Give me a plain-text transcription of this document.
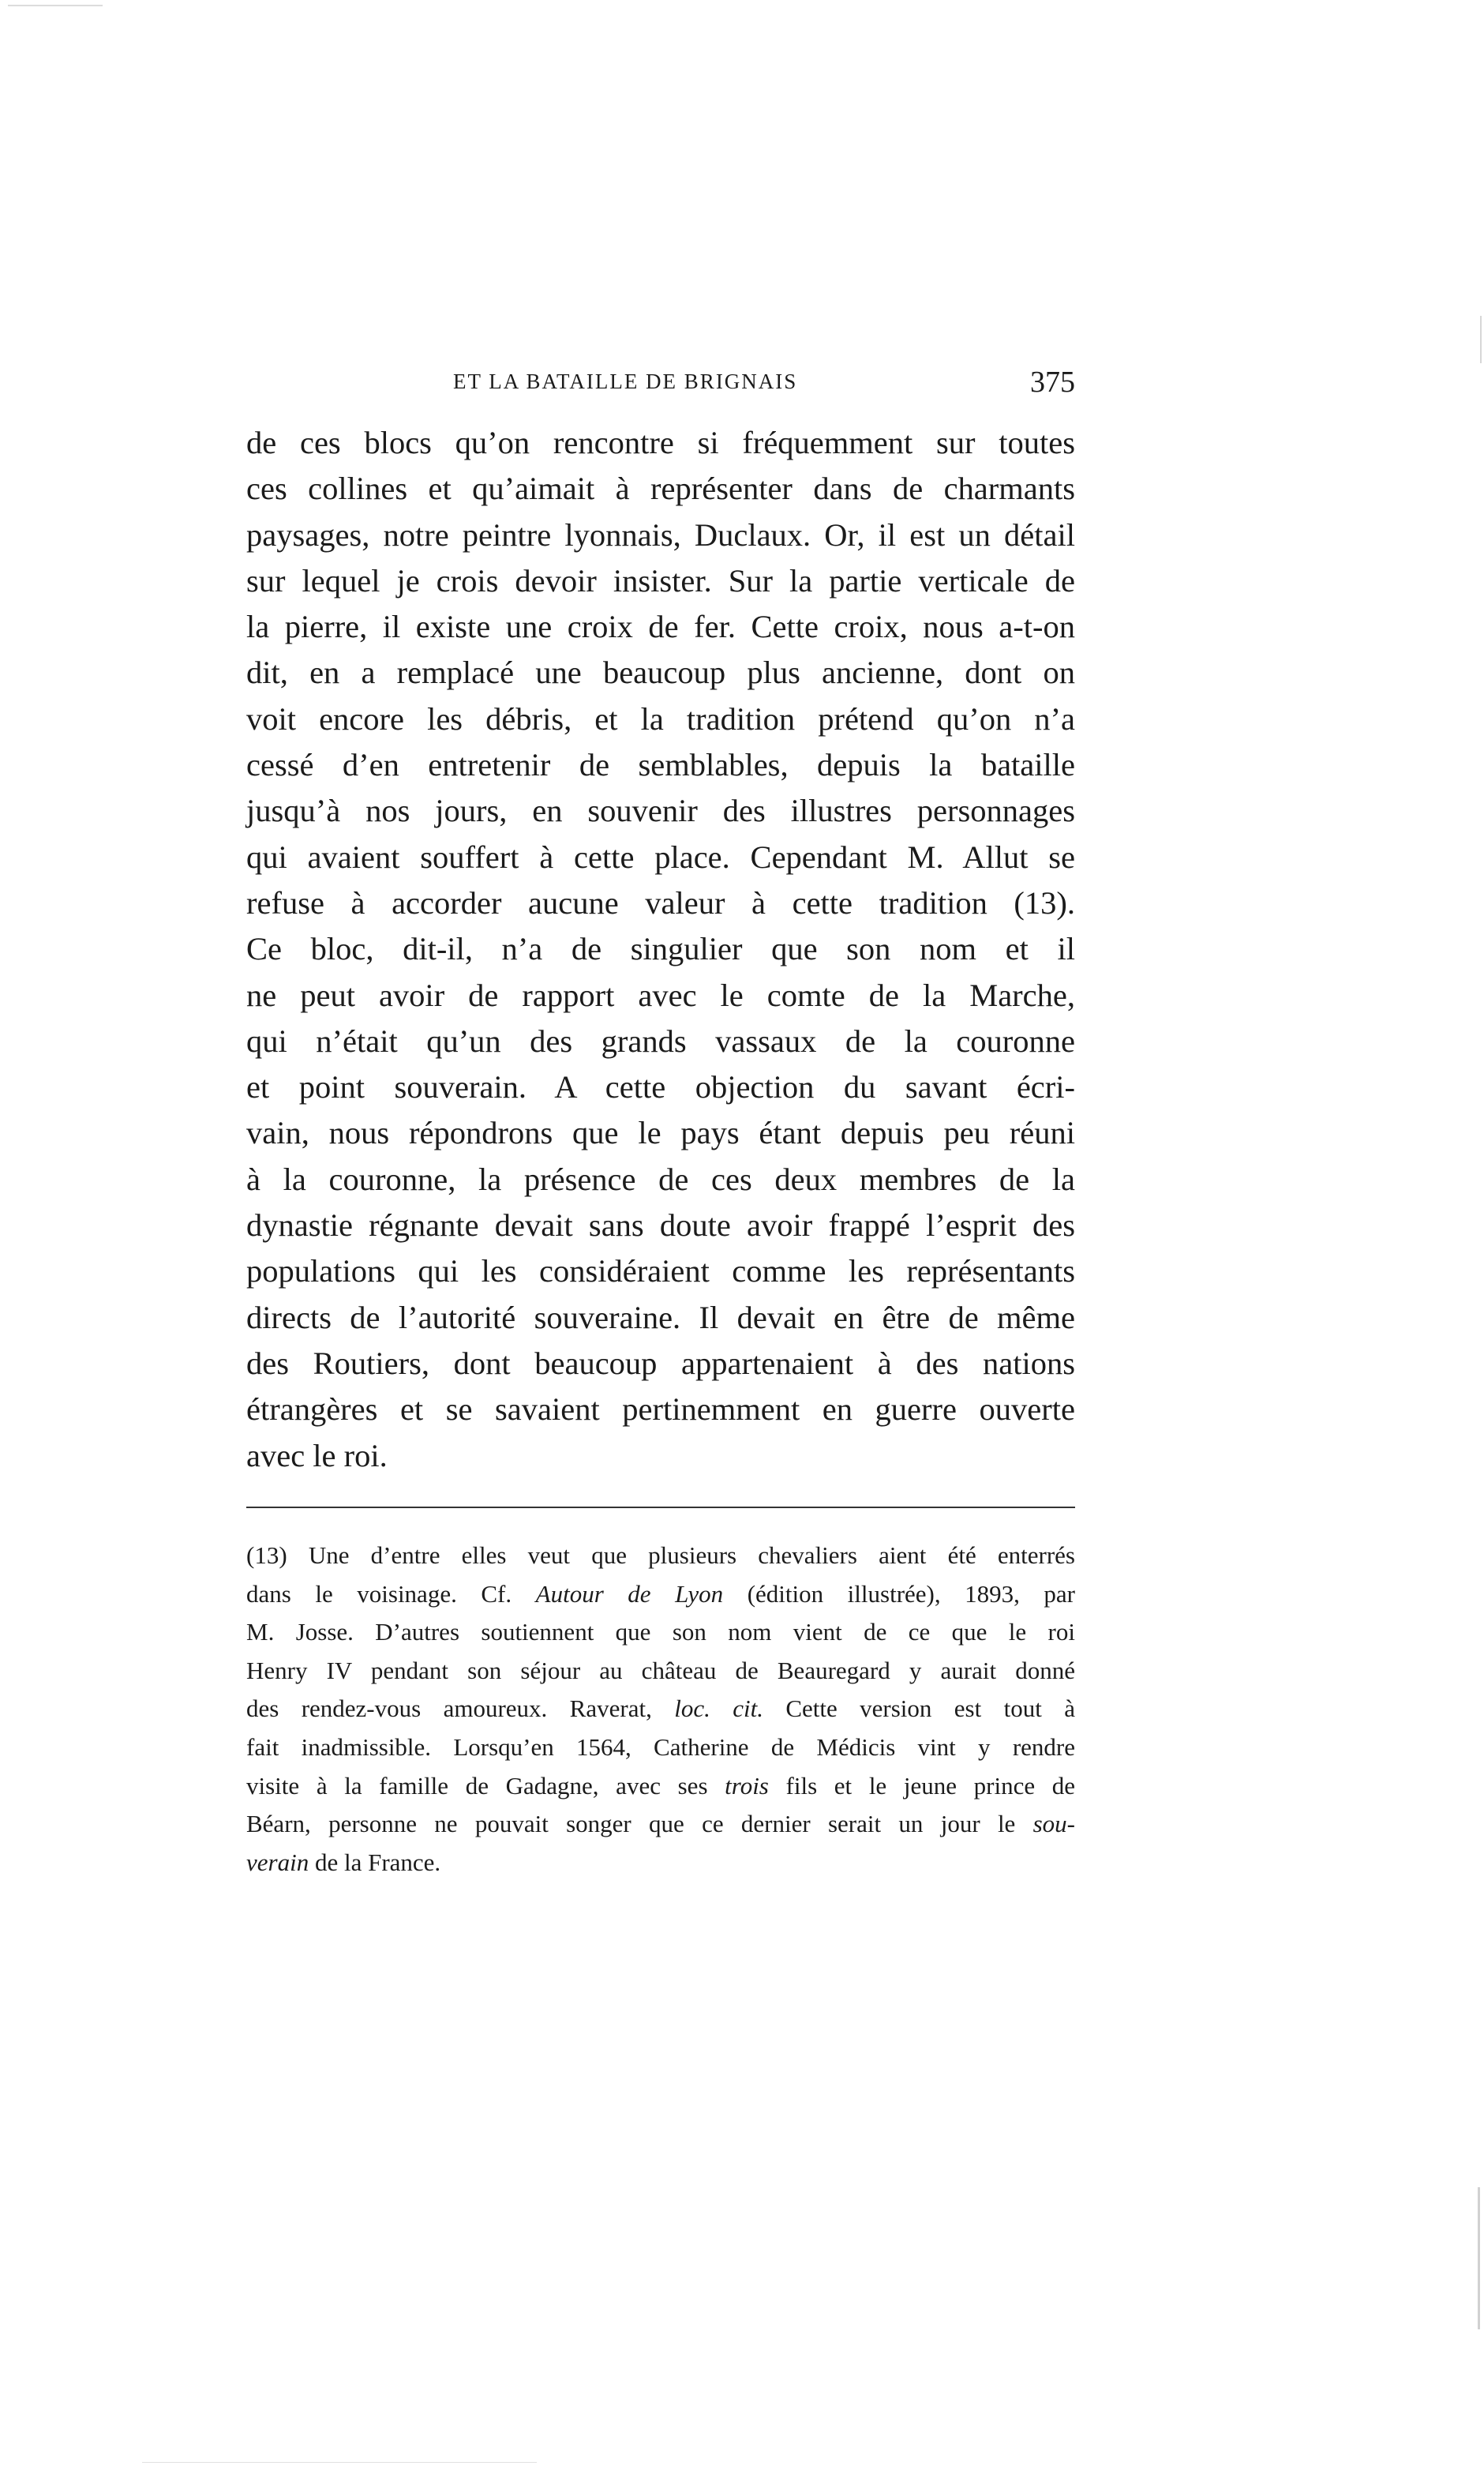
ET LA BATAILLE DE BRIGNAIS	375
de ces blocs qu’on rencontre si fréquemment sur toutes
ces collines et qu’aimait à représenter dans de charmants
paysages, notre peintre lyonnais, Duclaux. Or, il est un détail
sur lequel je crois devoir insister. Sur la partie verticale de
la pierre, il existe une croix de fer. Cette croix, nous a-t-on
dit, en a remplacé une beaucoup plus ancienne, dont on
voit encore les débris, et la tradition prétend qu’on n’a
cessé d’en entretenir de semblables, depuis la bataille
jusqu’à nos jours, en souvenir des illustres personnages
qui avaient souffert à cette place. Cependant M. Allut se
refuse à accorder aucune valeur à cette tradition (13).
Ce bloc, dit-il, n’a de singulier que son nom et il
ne peut avoir de rapport avec le comte de la Marche,
qui n’était qu’un des grands vassaux de la couronne
et point souverain. A cette objection du savant écri-
vain, nous répondrons que le pays étant depuis peu réuni
à la couronne, la présence de ces deux membres de la
dynastie régnante devait sans doute avoir frappé l’esprit des
populations qui les considéraient comme les représentants
directs de l’autorité souveraine. Il devait en être de même
des Routiers, dont beaucoup appartenaient à des nations
étrangères et se savaient pertinemment en guerre ouverte
avec le roi.
(13) Une d’entre elles veut que plusieurs chevaliers aient été enterrés
dans le voisinage. Cf. Autour de Lyon (édition illustrée), 1893, par
M. Josse. D’autres soutiennent que son nom vient de ce que le roi
Henry IV pendant son séjour au château de Beauregard y aurait donné
des rendez-vous amoureux. Raverat, loc. cit. Cette version est tout à
fait inadmissible. Lorsqu’en 1564, Catherine de Médicis vint y rendre
visite à la famille de Gadagne, avec ses trois fils et le jeune prince de
Béarn, personne ne pouvait songer que ce dernier serait un jour le sou-
verain de la France.
